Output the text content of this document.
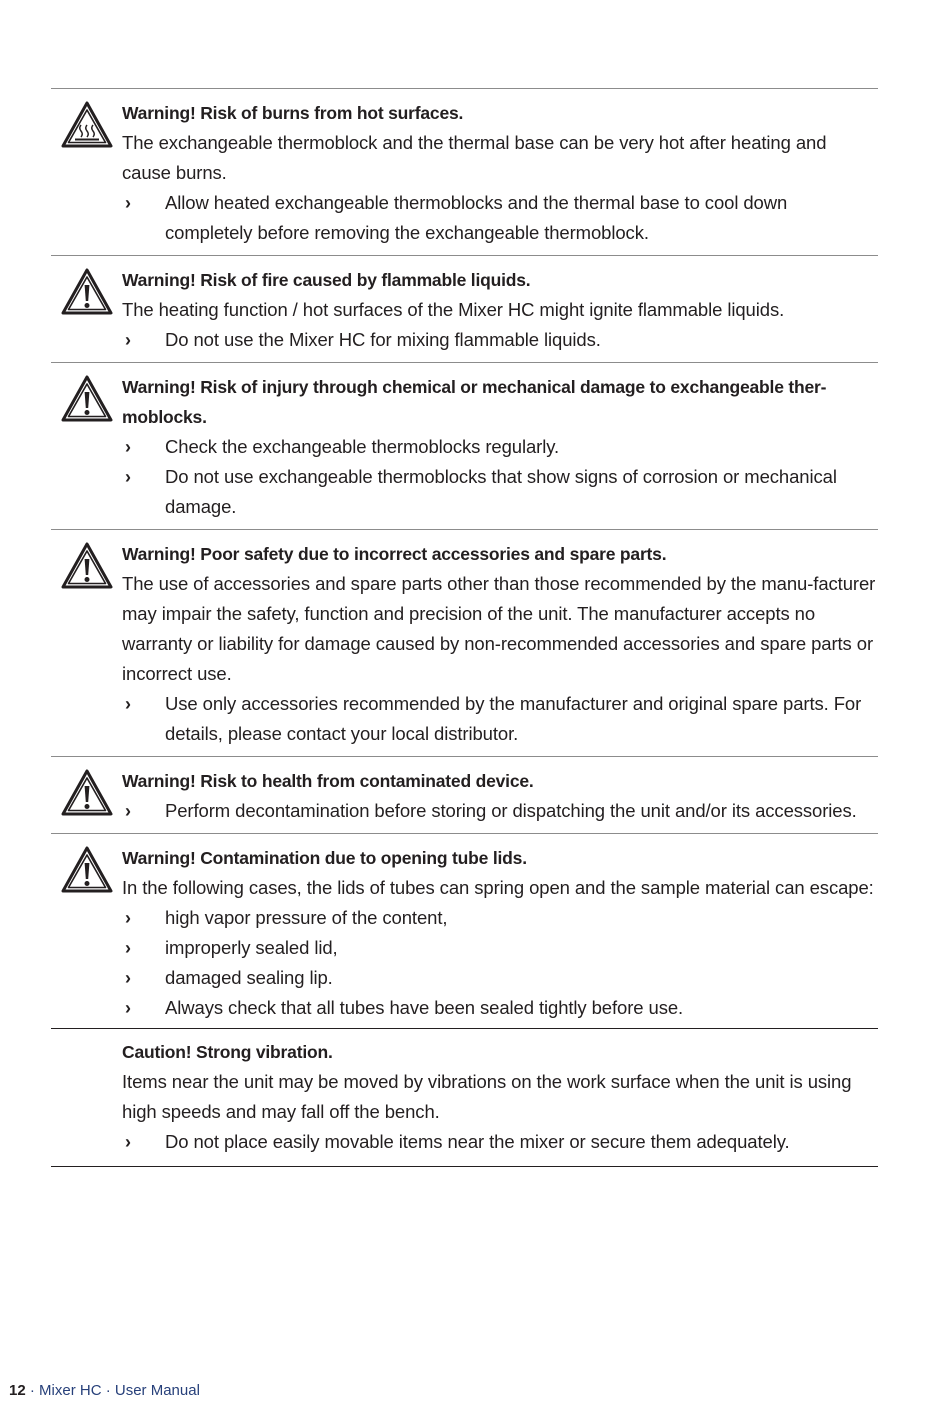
Warning! Risk of burns from hot surfaces.
The exchangeable thermoblock and the thermal base can be very hot after heating and cause burns.
› Allow heated exchangeable thermoblocks and the thermal base to cool down completely before removing the exchangeable thermoblock.
Warning! Risk of fire caused by flammable liquids.
The heating function / hot surfaces of the Mixer HC might ignite flammable liquids.
› Do not use the Mixer HC for mixing flammable liquids.
Warning! Risk of injury through chemical or mechanical damage to exchangeable ther-moblocks.
› Check the exchangeable thermoblocks regularly.
› Do not use exchangeable thermoblocks that show signs of corrosion or mechanical damage.
Warning! Poor safety due to incorrect accessories and spare parts.
The use of accessories and spare parts other than those recommended by the manu-facturer may impair the safety, function and precision of the unit. The manufacturer accepts no warranty or liability for damage caused by non-recommended accessories and spare parts or incorrect use.
› Use only accessories recommended by the manufacturer and original spare parts. For details, please contact your local distributor.
Warning! Risk to health from contaminated device.
› Perform decontamination before storing or dispatching the unit and/or its accessories.
Warning! Contamination due to opening tube lids.
In the following cases, the lids of tubes can spring open and the sample material can escape:
› high vapor pressure of the content,
› improperly sealed lid,
› damaged sealing lip.
› Always check that all tubes have been sealed tightly before use.
Caution! Strong vibration.
Items near the unit may be moved by vibrations on the work surface when the unit is using high speeds and may fall off the bench.
› Do not place easily movable items near the mixer or secure them adequately.
12 · Mixer HC · User Manual
